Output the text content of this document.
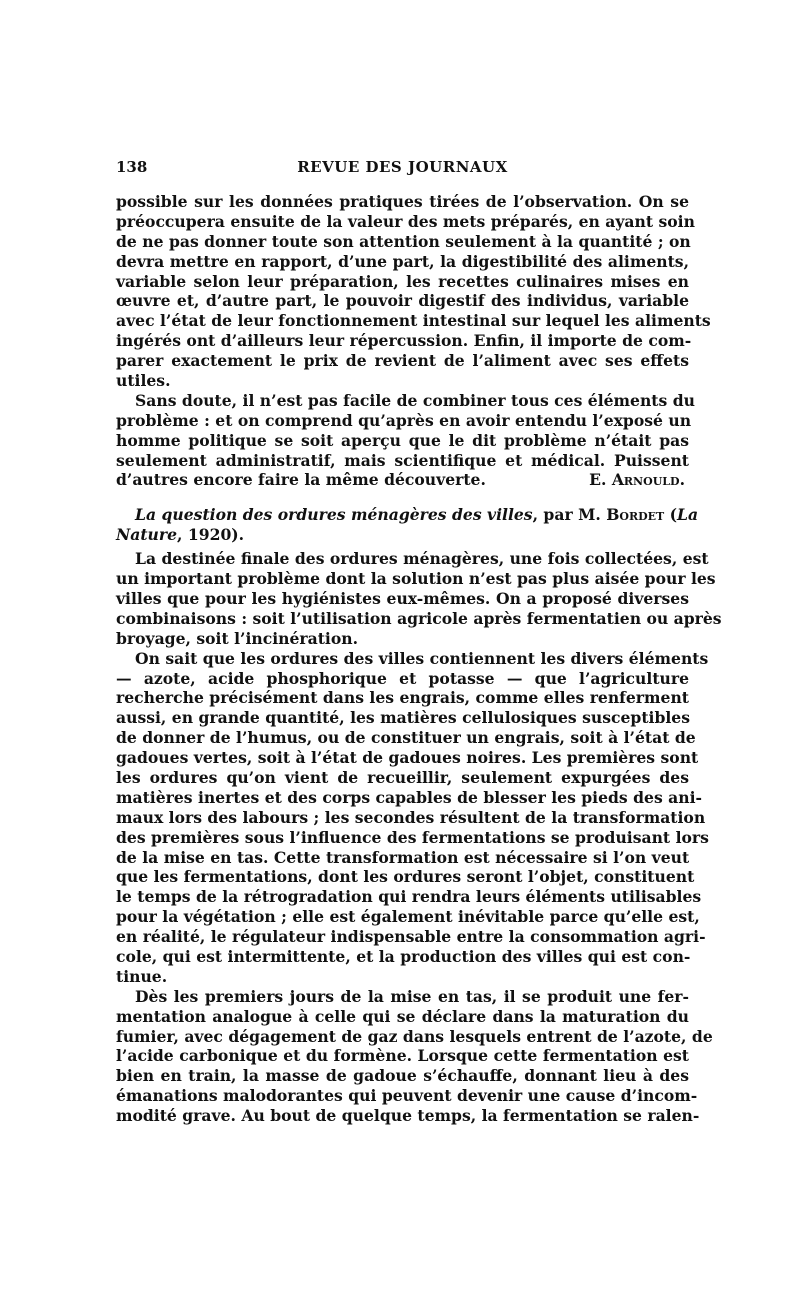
138	REVUE DES JOURNAUX
possible sur les données pratiques tirées de l’observation. On se
préoccupera ensuite de la valeur des mets préparés, en ayant soin
de ne pas donner toute son attention seulement à la quantité ; on
devra mettre en rapport, d’une part, la digestibilité des aliments,
variable selon leur préparation, les recettes culinaires mises en
œuvre et, d’autre part, le pouvoir digestif des individus, variable
avec l’état de leur fonctionnement intestinal sur lequel les aliments
ingérés ont d’ailleurs leur répercussion. Enfin, il importe de com-
parer exactement le prix de revient de l’aliment avec ses effets
utiles.
Sans doute, il n’est pas facile de combiner tous ces éléments du
problème : et on comprend qu’après en avoir entendu l’exposé un
homme politique se soit aperçu que le dit problème n’était pas
seulement administratif, mais scientifique et médical. Puissent
d’autres encore faire la même découverte.	E. Arnould.
La question des ordures ménagères des villes, par M. Bordet (La
Nature, 1920).
La destinée finale des ordures ménagères, une fois collectées, est
un important problème dont la solution n’est pas plus aisée pour les
villes que pour les hygiénistes eux-mêmes. On a proposé diverses
combinaisons : soit l’utilisation agricole après fermentatien ou après
broyage, soit l’incinération.
On sait que les ordures des villes contiennent les divers éléments
— azote, acide phosphorique et potasse — que l’agriculture
recherche précisément dans les engrais, comme elles renferment
aussi, en grande quantité, les matières cellulosiques susceptibles
de donner de l’humus, ou de constituer un engrais, soit à l’état de
gadoues vertes, soit à l’état de gadoues noires. Les premières sont
les ordures qu’on vient de recueillir, seulement expurgées des
matières inertes et des corps capables de blesser les pieds des ani-
maux lors des labours ; les secondes résultent de la transformation
des premières sous l’influence des fermentations se produisant lors
de la mise en tas. Cette transformation est nécessaire si l’on veut
que les fermentations, dont les ordures seront l’objet, constituent
le temps de la rétrogradation qui rendra leurs éléments utilisables
pour la végétation ; elle est également inévitable parce qu’elle est,
en réalité, le régulateur indispensable entre la consommation agri-
cole, qui est intermittente, et la production des villes qui est con-
tinue.
Dès les premiers jours de la mise en tas, il se produit une fer-
mentation analogue à celle qui se déclare dans la maturation du
fumier, avec dégagement de gaz dans lesquels entrent de l’azote, de
l’acide carbonique et du formène. Lorsque cette fermentation est
bien en train, la masse de gadoue s’échauffe, donnant lieu à des
émanations malodorantes qui peuvent devenir une cause d’incom-
modité grave. Au bout de quelque temps, la fermentation se ralen-
